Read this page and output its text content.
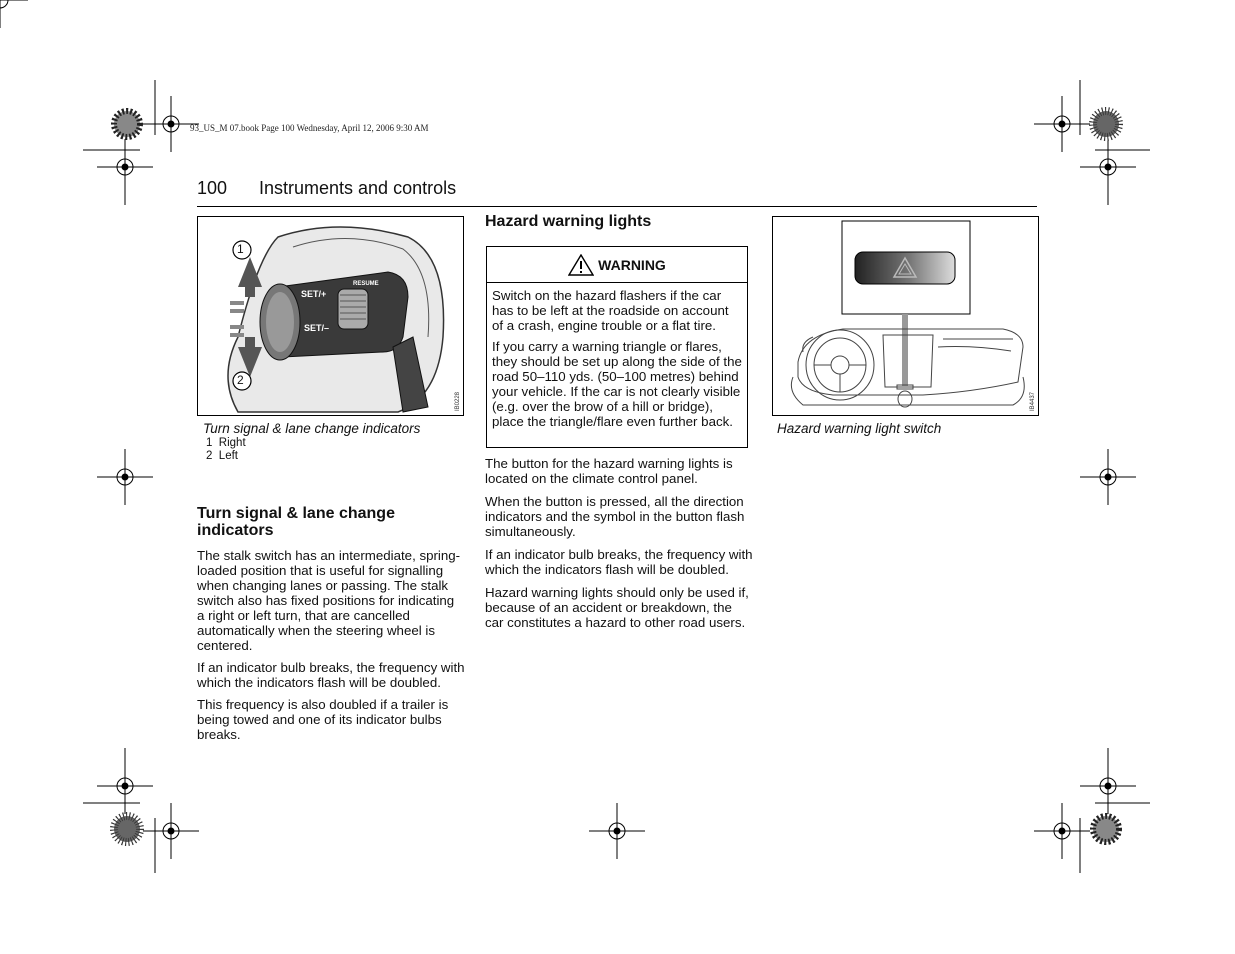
93_US_M 07.book Page 100 Wednesday, April 12, 2006 9:30 AM
100 Instruments and controls
1
2
SET/+
SET/–
RESUME
IB0228
Turn signal & lane change indicators
1 Right
2 Left
Turn signal & lane change indicators

The stalk switch has an intermediate, spring-loaded position that is useful for signalling when changing lanes or passing. The stalk switch also has fixed positions for indicating a right or left turn, that are cancelled automatically when the steering wheel is centered.

If an indicator bulb breaks, the frequency with which the indicators flash will be doubled.

This frequency is also doubled if a trailer is being towed and one of its indicator bulbs breaks.

Hazard warning lights
WARNING

Switch on the hazard flashers if the car has to be left at the roadside on account of a crash, engine trouble or a flat tire.

If you carry a warning triangle or flares, they should be set up along the side of the road 50–110 yds. (50–100 metres) behind your vehicle. If the car is not clearly visible (e.g. over the brow of a hill or bridge), place the triangle/flare even further back.

The button for the hazard warning lights is located on the climate control panel.

When the button is pressed, all the direction indicators and the symbol in the button flash simultaneously.

If an indicator bulb breaks, the frequency with which the indicators flash will be doubled.

Hazard warning lights should only be used if, because of an accident or breakdown, the car constitutes a hazard to other road users.

IB4437
Hazard warning light switch
